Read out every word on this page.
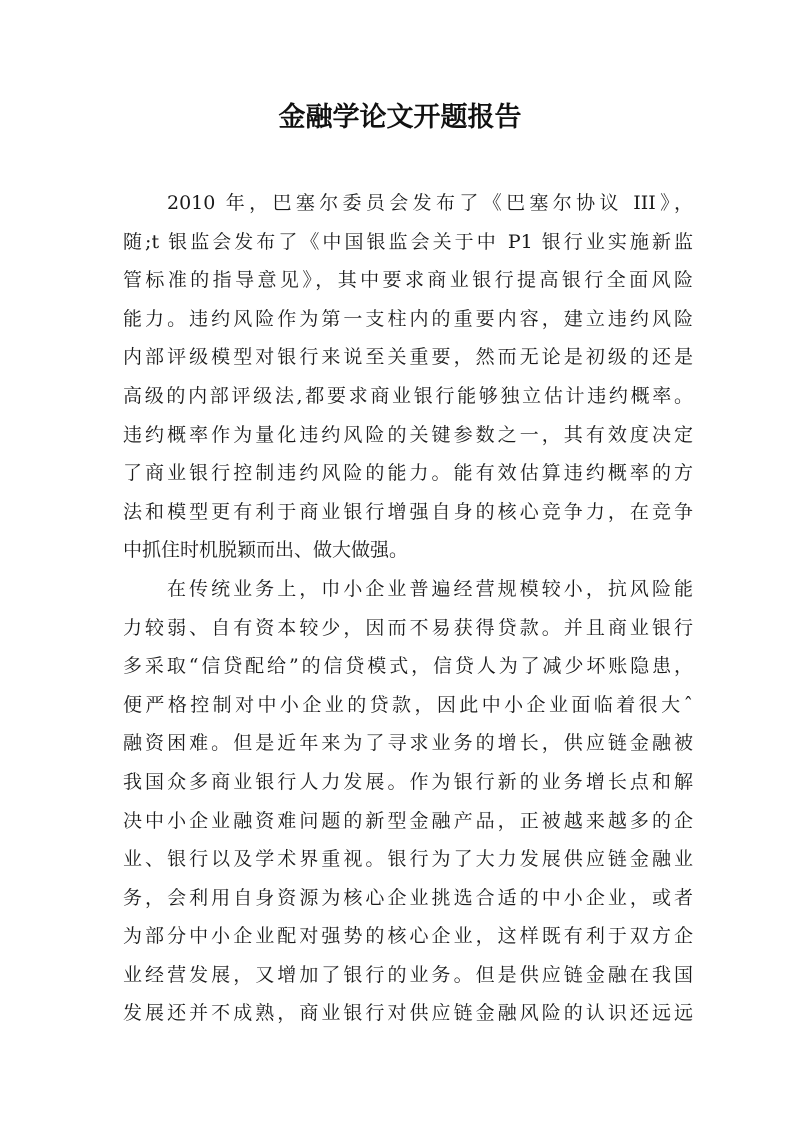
金融学论文开题报告
2010 年，巴塞尔委员会发布了《巴塞尔协议 III》，
随;t 银监会发布了《中国银监会关于中 P1 银行业实施新监
管标准的指导意见》，其中要求商业银行提高银行全面风险
能力。违约风险作为第一支柱内的重要内容，建立违约风险
内部评级模型对银行来说至关重要，然而无论是初级的还是
高级的内部评级法,都要求商业银行能够独立估计违约概率。
违约概率作为量化违约风险的关键参数之一，其有效度决定
了商业银行控制违约风险的能力。能有效估算违约概率的方
法和模型更有利于商业银行增强自身的核心竞争力，在竞争
中抓住时机脱颖而出、做大做强。
在传统业务上，巾小企业普遍经营规模较小，抗风险能
力较弱、自有资本较少，因而不易获得贷款。并且商业银行
多采取“信贷配给”的信贷模式，信贷人为了减少坏账隐患，
便严格控制对中小企业的贷款，因此中小企业面临着很大ˆ
融资困难。但是近年来为了寻求业务的增长，供应链金融被
我国众多商业银行人力发展。作为银行新的业务增长点和解
决中小企业融资难问题的新型金融产品，正被越来越多的企
业、银行以及学术界重视。银行为了大力发展供应链金融业
务，会利用自身资源为核心企业挑选合适的中小企业，或者
为部分中小企业配对强势的核心企业，这样既有利于双方企
业经营发展，又增加了银行的业务。但是供应链金融在我国
发展还并不成熟，商业银行对供应链金融风险的认识还远远
